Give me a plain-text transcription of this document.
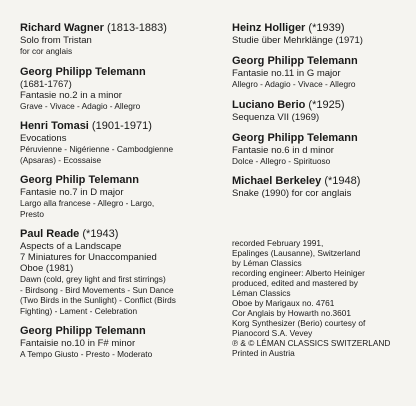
Richard Wagner (1813-1883)
Solo from Tristan
for cor anglais
Georg Philipp Telemann
(1681-1767)
Fantasie no.2 in a minor
Grave - Vivace - Adagio - Allegro
Henri Tomasi (1901-1971)
Evocations
Péruvienne - Nigérienne - Cambodgienne
(Apsaras) - Ecossaise
Georg Philip Telemann
Fantasie no.7 in D major
Largo alla francese - Allegro - Largo,
Presto
Paul Reade (*1943)
Aspects of a Landscape
7 Miniatures for Unaccompanied
Oboe (1981)
Dawn (cold, grey light and first stirrings)
- Birdsong - Bird Movements - Sun Dance
(Two Birds in the Sunlight) - Conflict (Birds
Fighting) - Lament - Celebration
Georg Philipp Telemann
Fantaisie no.10 in F# minor
A Tempo Giusto - Presto - Moderato
Heinz Holliger (*1939)
Studie über Mehrklänge (1971)
Georg Philipp Telemann
Fantasie no.11 in G major
Allegro - Adagio - Vivace - Allegro
Luciano Berio (*1925)
Sequenza VII (1969)
Georg Philipp Telemann
Fantasie no.6 in d minor
Dolce - Allegro - Spirituoso
Michael Berkeley (*1948)
Snake (1990) for cor anglais
recorded February 1991,
Epalinges (Lausanne), Switzerland
by Léman Classics
recording engineer: Alberto Heiniger
produced, edited and mastered by
Léman Classics
Oboe by Marigaux no. 4761
Cor Anglais by Howarth no.3601
Korg Synthesizer (Berio) courtesy of
Pianocord S.A. Vevey
℗ & © LÉMAN CLASSICS SWITZERLAND
Printed in Austria
